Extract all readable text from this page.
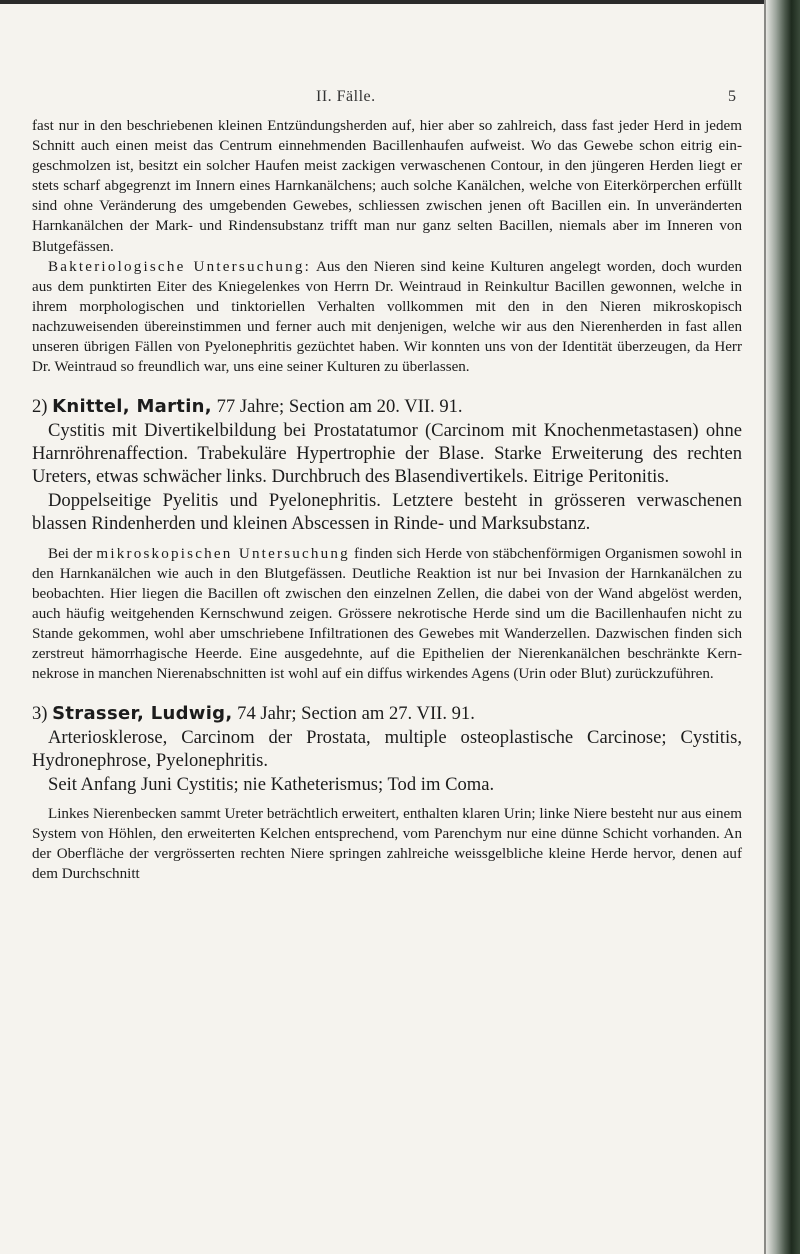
II. Fälle.	5

fast nur in den beschriebenen kleinen Entzündungsherden auf, hier aber so zahlreich, dass fast jeder Herd in jedem Schnitt auch einen meist das Centrum einnehmenden Bacillenhaufen aufweist. Wo das Gewebe schon eitrig eingeschmolzen ist, besitzt ein solcher Haufen meist zackigen verwaschenen Contour, in den jüngeren Herden liegt er stets scharf abgegrenzt im Innern eines Harnkanälchens; auch solche Kanälchen, welche von Eiterkörperchen erfüllt sind ohne Veränderung des umgebenden Gewebes, schliessen zwischen jenen oft Bacillen ein. In unveränderten Harnkanälchen der Mark- und Rindensubstanz trifft man nur ganz selten Bacillen, niemals aber im Inneren von Blutgefässen.

Bakteriologische Untersuchung: Aus den Nieren sind keine Kulturen angelegt worden, doch wurden aus dem punktirten Eiter des Kniegelenkes von Herrn Dr. Weintraud in Reinkultur Bacillen gewonnen, welche in ihrem morphologischen und tinktoriellen Verhalten vollkommen mit den in den Nieren mikroskopisch nachzuweisenden übereinstimmen und ferner auch mit denjenigen, welche wir aus den Nierenherden in fast allen unseren übrigen Fällen von Pyelonephritis gezüchtet haben. Wir konnten uns von der Identität überzeugen, da Herr Dr. Weintraud so freundlich war, uns eine seiner Kulturen zu überlassen.

2) Knittel, Martin, 77 Jahre; Section am 20. VII. 91.

Cystitis mit Divertikelbildung bei Prostatatumor (Carcinom mit Knochenmetastasen) ohne Harnröhrenaffection. Trabekuläre Hypertrophie der Blase. Starke Erweiterung des rechten Ureters, etwas schwächer links. Durchbruch des Blasendivertikels. Eitrige Peritonitis.

Doppelseitige Pyelitis und Pyelonephritis. Letztere besteht in grösseren verwaschenen blassen Rindenherden und kleinen Abscessen in Rinde- und Marksubstanz.

Bei der mikroskopischen Untersuchung finden sich Herde von stäbchenförmigen Organismen sowohl in den Harnkanälchen wie auch in den Blutgefässen. Deutliche Reaktion ist nur bei Invasion der Harnkanälchen zu beobachten. Hier liegen die Bacillen oft zwischen den einzelnen Zellen, die dabei von der Wand abgelöst werden, auch häufig weitgehenden Kernschwund zeigen. Grössere nekrotische Herde sind um die Bacillenhaufen nicht zu Stande gekommen, wohl aber umschriebene Infiltrationen des Gewebes mit Wanderzellen. Dazwischen finden sich zerstreut hämorrhagische Heerde. Eine ausgedehnte, auf die Epithelien der Nierenkanälchen beschränkte Kernnekrose in manchen Nierenabschnitten ist wohl auf ein diffus wirkendes Agens (Urin oder Blut) zurückzuführen.

3) Strasser, Ludwig, 74 Jahr; Section am 27. VII. 91.

Arteriosklerose, Carcinom der Prostata, multiple osteoplastische Carcinose; Cystitis, Hydronephrose, Pyelonephritis.

Seit Anfang Juni Cystitis; nie Katheterismus; Tod im Coma.

Linkes Nierenbecken sammt Ureter beträchtlich erweitert, enthalten klaren Urin; linke Niere besteht nur aus einem System von Höhlen, den erweiterten Kelchen entsprechend, vom Parenchym nur eine dünne Schicht vorhanden. An der Oberfläche der vergrösserten rechten Niere springen zahlreiche weissgelbliche kleine Herde hervor, denen auf dem Durchschnitt
